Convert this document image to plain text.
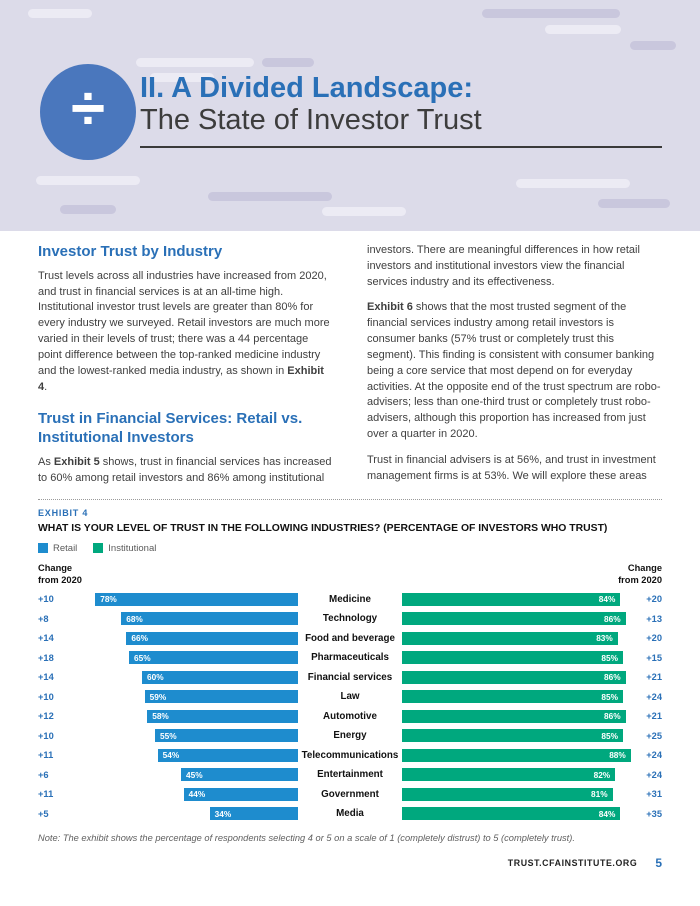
÷ II. A Divided Landscape:
The State of Investor Trust
Investor Trust by Industry

Trust levels across all industries have increased from 2020, and trust in financial services is at an all-time high. Institutional investor trust levels are greater than 80% for every industry we surveyed. Retail investors are much more varied in their levels of trust; there was a 44 percentage point difference between the top-ranked medicine industry and the lowest-ranked media industry, as shown in Exhibit 4.

Trust in Financial Services: Retail vs. Institutional Investors

As Exhibit 5 shows, trust in financial services has increased to 60% among retail investors and 86% among institutional

investors. There are meaningful differences in how retail investors and institutional investors view the financial services industry and its effectiveness.

Exhibit 6 shows that the most trusted segment of the financial services industry among retail investors is consumer banks (57% trust or completely trust this segment). This finding is consistent with consumer banking being a core service that most depend on for everyday activities. At the opposite end of the trust spectrum are robo-advisers; less than one-third trust or completely trust robo-advisers, although this proportion has increased from just over a quarter in 2020.

Trust in financial advisers is at 56%, and trust in investment management firms is at 53%. We will explore these areas

EXHIBIT 4
WHAT IS YOUR LEVEL OF TRUST IN THE FOLLOWING INDUSTRIES? (PERCENTAGE OF INVESTORS WHO TRUST)
Retail	Institutional
Change
from 2020
Change
from 2020
+10	78%	Medicine	84%	+20
+8	68%	Technology	86%	+13
+14	66%	Food and beverage	83%	+20
+18	65%	Pharmaceuticals	85%	+15
+14	60%	Financial services	86%	+21
+10	59%	Law	85%	+24
+12	58%	Automotive	86%	+21
+10	55%	Energy	85%	+25
+11	54%	Telecommunications	88%	+24
+6	45%	Entertainment	82%	+24
+11	44%	Government	81%	+31
+5	34%	Media	84%	+35

Note: The exhibit shows the percentage of respondents selecting 4 or 5 on a scale of 1 (completely distrust) to 5 (completely trust).

TRUST.CFAINSTITUTE.ORG 5
